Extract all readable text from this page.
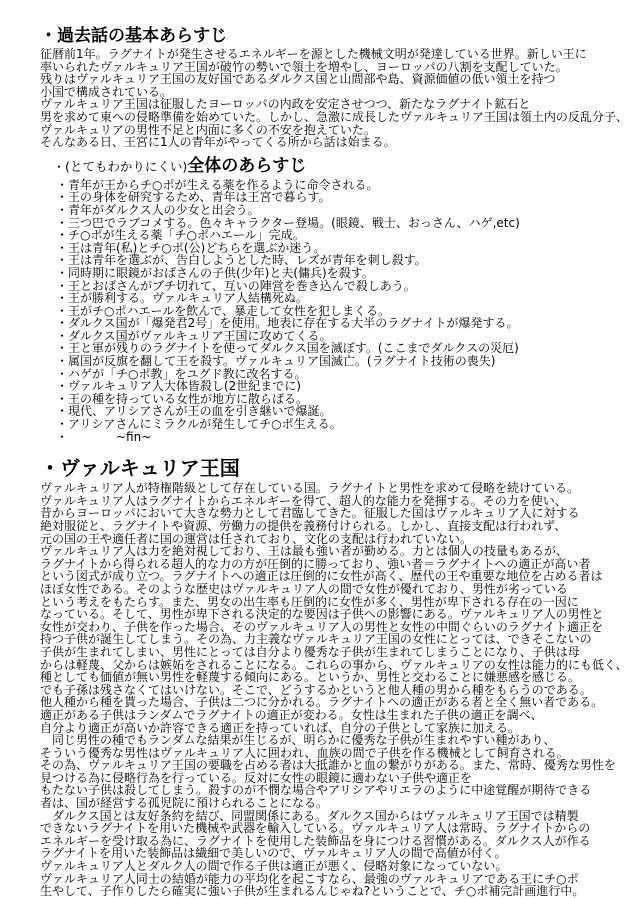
・過去話の基本あらすじ
征暦前1年。ラグナイトが発生させるエネルギーを源とした機械文明が発達している世界。新しい王に
率いられたヴァルキュリア王国が破竹の勢いで領土を増やし、ヨーロッパの八割を支配していた。
残りはヴァルキュリア王国の友好国であるダルクス国と山間部や島、資源価値の低い領土を持つ
小国で構成されている。
ヴァルキュリア王国は征服したヨーロッパの内政を安定させつつ、新たなラグナイト鉱石と
男を求めて東への侵略準備を始めていた。しかし、急激に成長したヴァルキュリア王国は領土内の反乱分子、
ヴァルキュリアの男性不足と内面に多くの不安を抱えていた。
そんなある日、王宮に1人の青年がやってくる所から話は始まる。
・(とてもわかりにくい)全体のあらすじ
・青年が王からチ○ポが生える薬を作るように命令される。
・王の身体を研究するため、青年は王宮で暮らす。
・青年がダルクス人の少女と出会う。
・三つ巴でラブコメする。色々キャラクター登場。(眼鏡、戦士、おっさん、ハゲ,etc)
・チ○ポが生える薬「チ○ポハエール」完成。
・王は青年(私)とチ○ポ(公)どちらを選ぶか迷う。
・王は青年を選ぶが、告白しようとした時、レズが青年を刺し殺す。
・同時期に眼鏡がおばさんの子供(少年)と夫(傭兵)を殺す。
・王とおばさんがブチ切れて、互いの陣営を巻き込んで殺しあう。
・王が勝利する。ヴァルキュリア人結構死ぬ。
・王がチ○ポハエールを飲んで、暴走して女性を犯しまくる。
・ダルクス国が「爆発君2号」を使用。地表に存在する大半のラグナイトが爆発する。
・ダルクス国がヴァルキュリア王国に攻めてくる。
・王と軍が残りのラグナイトを使ってダルクス国を滅ぼす。(ここまでダルクスの災厄)
・属国が反旗を翻して王を殺す。ヴァルキュリア国滅亡。(ラグナイト技術の喪失)
・ハゲが「チ○ポ教」をユグド教に改名する。
・ヴァルキュリア人大体皆殺し(2世紀までに)
・王の種を持っている女性が地方に散らばる。
・現代、アリシアさんが王の血を引き継いで爆誕。
・アリシアさんにミラクルが発生してチ○ポ生える。
・　　　　~fin~
・ヴァルキュリア王国
ヴァルキュリア人が特権階級として存在している国。ラグナイトと男性を求めて侵略を続けている。
ヴァルキュリア人はラグナイトからエネルギーを得て、超人的な能力を発揮する。その力を使い、
昔からヨーロッパにおいて大きな勢力として君臨してきた。征服した国はヴァルキュリア人に対する
絶対服従と、ラグナイトや資源、労働力の提供を義務付けられる。しかし、直接支配は行われず、
元の国の王や適任者に国の運営は任されており、文化の支配は行われていない。
ヴァルキュリア人は力を絶対視しており、王は最も強い者が勤める。力とは個人の技量もあるが、
ラグナイトから得られる超人的な力の方が圧倒的に勝っており、強い者＝ラグナイトへの適正が高い者
という図式が成り立つ。ラグナイトへの適正は圧倒的に女性が高く、歴代の王や重要な地位を占める者は
ほぼ女性である。そのような歴史はヴァルキュリア人の間で女性が優れており、男性が劣っている
という考えをもたらす。また、男女の出生率も圧倒的に女性が多く、男性が卑下される存在の一因に
なっている。そして、男性が卑下される決定的な要因は子供への影響にある。ヴァルキュリア人の男性と
女性が交わり、子供を作った場合、そのヴァルキュリア人の男性と女性の中間ぐらいのラグナイト適正を
持つ子供が誕生してしまう。その為、力主義なヴァルキュリア王国の女性にとっては、できそこないの
子供が生まれてしまい、男性にとっては自分より優秀な子供が生まれてしまうことになり、子供は母
からは軽蔑、父からは嫉妬をされることになる。これらの事から、ヴァルキュリアの女性は能力的にも低く、
種としても価値が無い男性を軽蔑する傾向にある。というか、男性と交わることに嫌悪感を感じる。
でも子孫は残さなくてはいけない。そこで、どうするかというと他人種の男から種をもらうのである。
他人種から種を貰った場合、子供は二つに分かれる。ラグナイトへの適正がある者と全く無い者である。
適正がある子供はランダムでラグナイトの適正が変わる。女性は生まれた子供の適正を調べ、
自分より適正が高いか許容できる適正を持っていれば、自分の子供として家族に加える。
　同じ男性の種でもランダムな結果が生じるが、明らかに優秀な子供が生まれやすい種があり、
そういう優秀な男性はヴァルキュリア人に囲われ、血族の間で子供を作る機械として飼育される。
その為、ヴァルキュリア王国の要職を占める者は大抵誰かと血の繋がりがある。また、常時、優秀な男性を
見つける為に侵略行為を行っている。反対に女性の眼鏡に適わない子供や適正を
もたない子供は殺してしまう。殺すのが不憫な場合やアリシアやリエラのように中途覚醒が期待できる
者は、国が経営する孤児院に預けられることになる。
　ダルクス国とは友好条約を結び、同盟関係にある。ダルクス国からはヴァルキュリア王国では精製
できないラグナイトを用いた機械や武器を輸入している。ヴァルキュリア人は常時、ラグナイトからの
エネルギーを受け取る為に、ラグナイトを使用した装飾品を身につける習慣がある。ダルクス人が作る
ラグナイトを用いた装飾品は繊細で美しいので、ヴァルキュリア人の間で高値が付く。
ヴァルキュリア人とダルク人の間で作る子供は適正が悪く、侵略対象になっていない。
ヴァルキュリア人同士の結婚が能力の平均化を起こすなら、最強のヴァルキュリアである王にチ○ポ
生やして、子作りしたら確実に強い子供が生まれるんじゃね?ということで、チ○ポ補完計画進行中。
